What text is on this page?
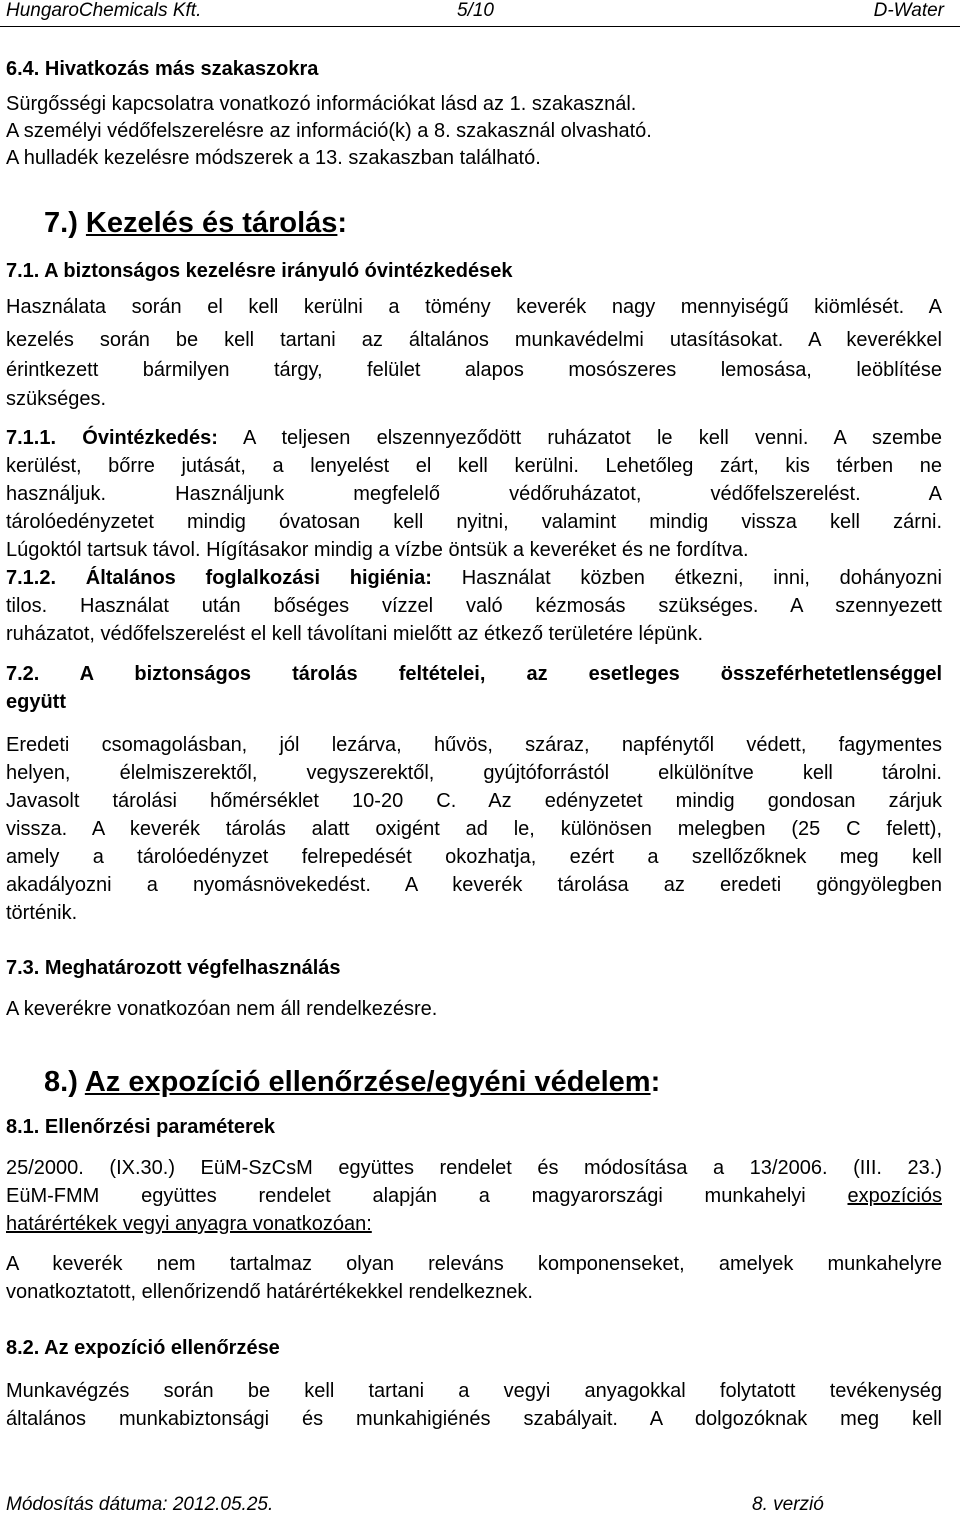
HungaroChemicals Kft.	5/10	D-Water
6.4. Hivatkozás más szakaszokra
Sürgősségi kapcsolatra vonatkozó információkat lásd az 1. szakasznál.
A személyi védőfelszerelésre az információ(k) a 8. szakasznál olvasható.
A hulladék kezelésre módszerek a 13. szakaszban található.
7.) Kezelés és tárolás:
7.1. A biztonságos kezelésre irányuló óvintézkedések
Használata során el kell kerülni a tömény keverék nagy mennyiségű kiömlését. A
kezelés során be kell tartani az általános munkavédelmi utasításokat. A keverékkel
érintkezett bármilyen tárgy, felület alapos mosószeres lemosása, leöblítése
szükséges.
7.1.1. Óvintézkedés: A teljesen elszennyeződött ruházatot le kell venni. A szembe
kerülést, bőrre jutását, a lenyelést el kell kerülni. Lehetőleg zárt, kis térben ne
használjuk. Használjunk megfelelő védőruházatot, védőfelszerelést. A
tárolóedényzetet mindig óvatosan kell nyitni, valamint mindig vissza kell zárni.
Lúgoktól tartsuk távol. Hígításakor mindig a vízbe öntsük a keveréket és ne fordítva.
7.1.2. Általános foglalkozási higiénia: Használat közben étkezni, inni, dohányozni
tilos. Használat után bőséges vízzel való kézmosás szükséges. A szennyezett
ruházatot, védőfelszerelést el kell távolítani mielőtt az étkező területére lépünk.
7.2. A biztonságos tárolás feltételei, az esetleges összeférhetetlenséggel
együtt
Eredeti csomagolásban, jól lezárva, hűvös, száraz, napfénytől védett, fagymentes
helyen, élelmiszerektől, vegyszerektől, gyújtóforrástól elkülönítve kell tárolni.
Javasolt tárolási hőmérséklet 10-20 C. Az edényzetet mindig gondosan zárjuk
vissza. A keverék tárolás alatt oxigént ad le, különösen melegben (25 C felett),
amely a tárolóedényzet felrepedését okozhatja, ezért a szellőzőknek meg kell
akadályozni a nyomásnövekedést. A keverék tárolása az eredeti göngyölegben
történik.
7.3. Meghatározott végfelhasználás
A keverékre vonatkozóan nem áll rendelkezésre.
8.) Az expozíció ellenőrzése/egyéni védelem:
8.1. Ellenőrzési paraméterek
25/2000. (IX.30.) EüM-SzCsM együttes rendelet és módosítása a 13/2006. (III. 23.)
EüM-FMM együttes rendelet alapján a magyarországi munkahelyi expozíciós
határértékek vegyi anyagra vonatkozóan:
A keverék nem tartalmaz olyan releváns komponenseket, amelyek munkahelyre
vonatkoztatott, ellenőrizendő határértékekkel rendelkeznek.
8.2. Az expozíció ellenőrzése
Munkavégzés során be kell tartani a vegyi anyagokkal folytatott tevékenység
általános munkabiztonsági és munkahigiénés szabályait. A dolgozóknak meg kell
Módosítás dátuma: 2012.05.25.	8. verzió
